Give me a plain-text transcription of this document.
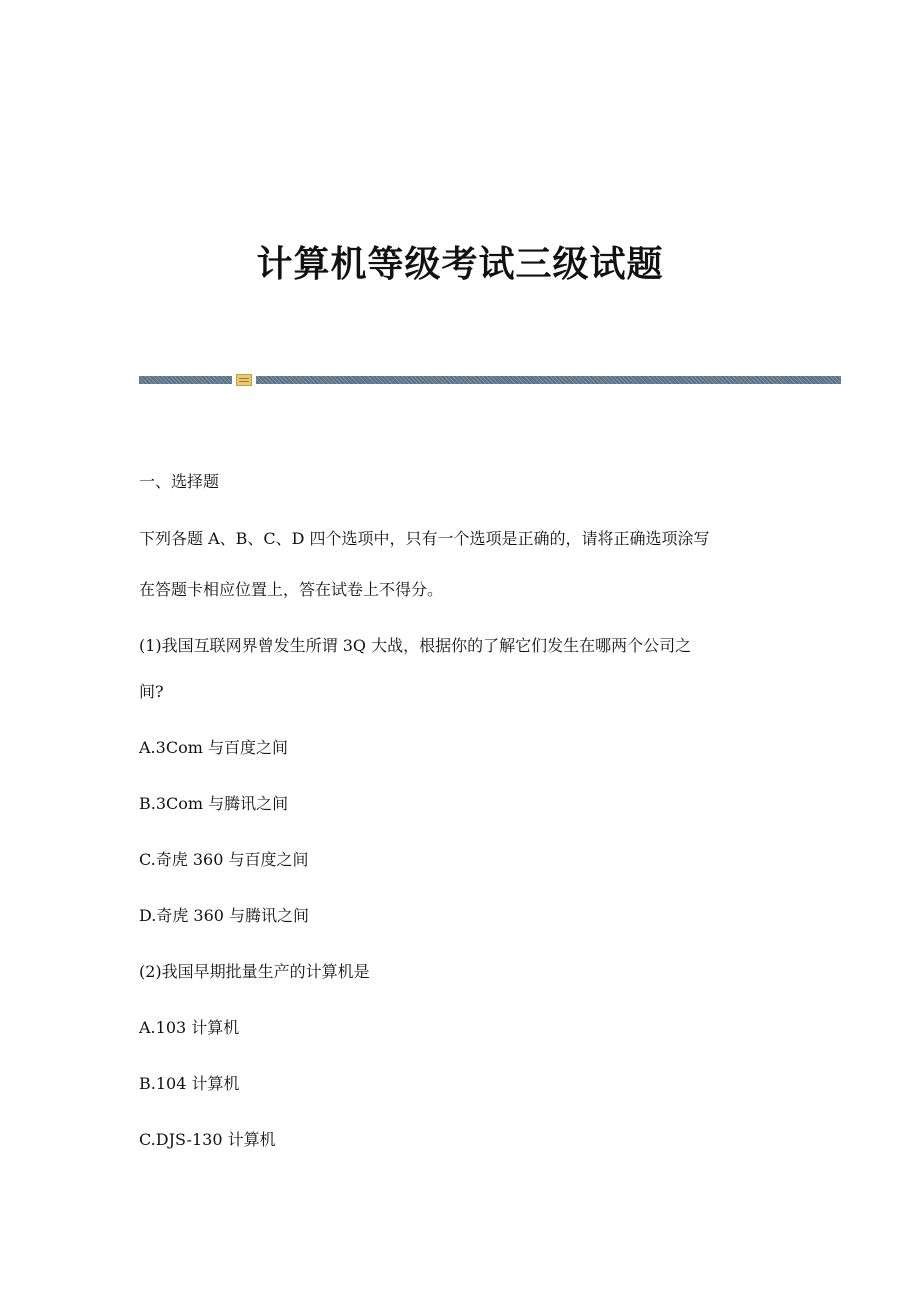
计算机等级考试三级试题

一、选择题

下列各题 A、B、C、D 四个选项中，只有一个选项是正确的，请将正确选项涂写

在答题卡相应位置上，答在试卷上不得分。

(1)我国互联网界曾发生所谓 3Q 大战，根据你的了解它们发生在哪两个公司之

间?

A.3Com 与百度之间

B.3Com 与腾讯之间

C.奇虎 360 与百度之间

D.奇虎 360 与腾讯之间

(2)我国早期批量生产的计算机是

A.103 计算机

B.104 计算机

C.DJS-130 计算机
